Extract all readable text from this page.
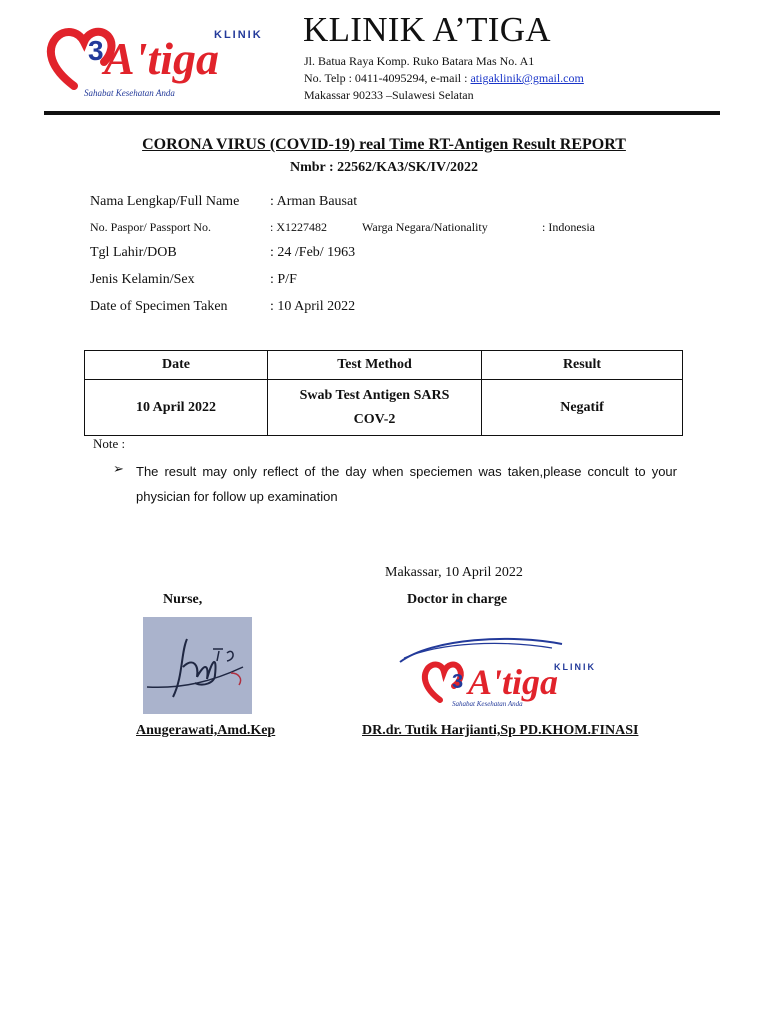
3 A'tiga
KLINIK
Sahabat Kesehatan Anda
KLINIK A’TIGA
Jl. Batua Raya Komp. Ruko Batara Mas No. A1
No. Telp : 0411-4095294, e-mail : atigaklinik@gmail.com
Makassar 90233 –Sulawesi Selatan
CORONA VIRUS (COVID-19) real Time RT-Antigen Result REPORT
Nmbr : 22562/KA3/SK/IV/2022
Nama Lengkap/Full Name : Arman Bausat
No. Paspor/ Passport No.	: X1227482	Warga Negara/Nationality	: Indonesia
Tgl Lahir/DOB	: 24 /Feb/ 1963
Jenis Kelamin/Sex	: P/F
Date of Specimen Taken	: 10 April 2022
Date	Test Method	Result
10 April 2022	Swab Test Antigen SARS COV-2	Negatif
Note :
➢ The result may only reflect of the day when speciemen was taken,please concult to your physician for follow up examination
Makassar, 10 April 2022
Nurse,	Doctor in charge
3 A'tiga
KLINIK
Sahabat Kesehatan Anda
Anugerawati,Amd.Kep	DR.dr. Tutik Harjianti,Sp PD.KHOM.FINASI
